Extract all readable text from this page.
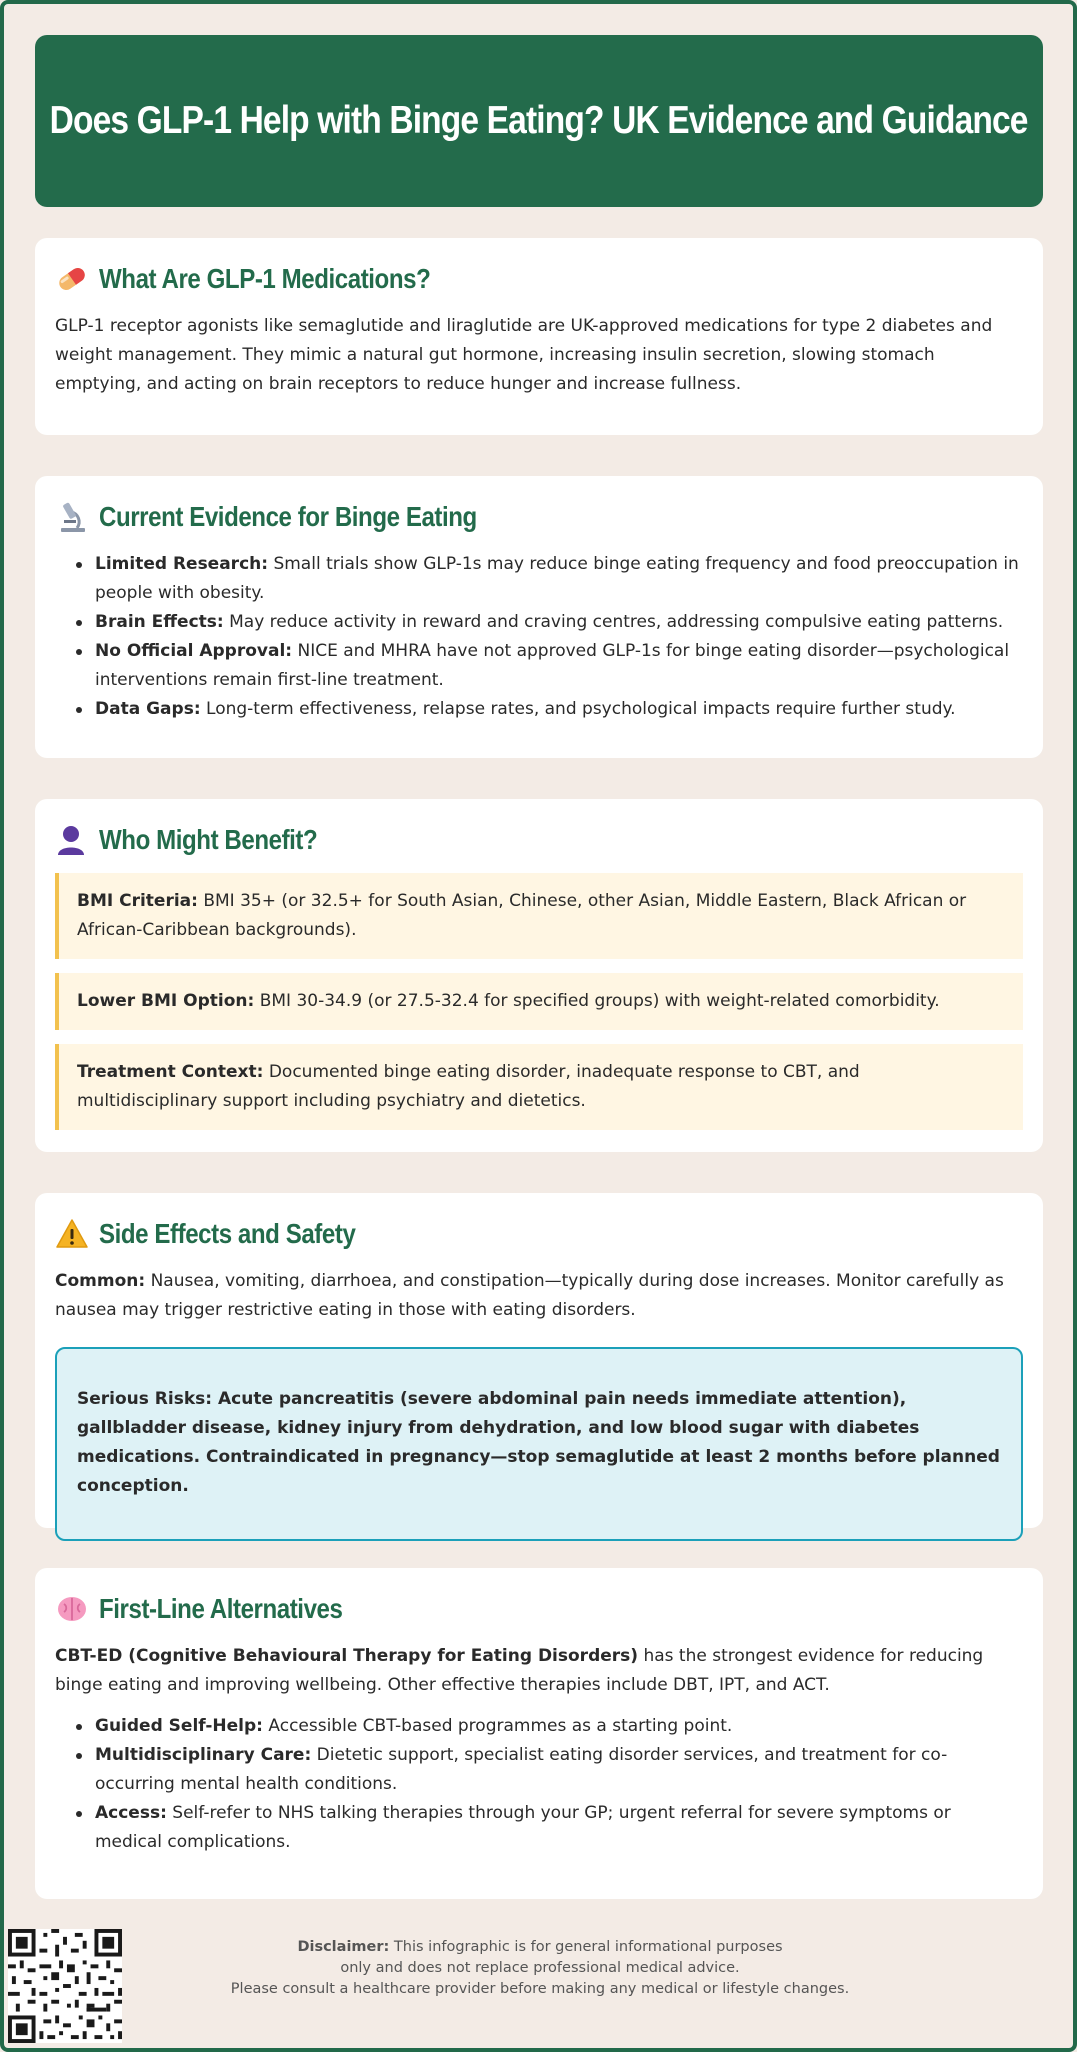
Does GLP-1 Help with Binge Eating? UK Evidence and Guidance
What Are GLP-1 Medications?

GLP-1 receptor agonists like semaglutide and liraglutide are UK-approved medications for type 2 diabetes and weight management. They mimic a natural gut hormone, increasing insulin secretion, slowing stomach emptying, and acting on brain receptors to reduce hunger and increase fullness.

Current Evidence for Binge Eating
Limited Research: Small trials show GLP-1s may reduce binge eating frequency and food preoccupation in people with obesity.
Brain Effects: May reduce activity in reward and craving centres, addressing compulsive eating patterns.
No Official Approval: NICE and MHRA have not approved GLP-1s for binge eating disorder—psychological interventions remain first-line treatment.
Data Gaps: Long-term effectiveness, relapse rates, and psychological impacts require further study.
Who Might Benefit?
BMI Criteria: BMI 35+ (or 32.5+ for South Asian, Chinese, other Asian, Middle Eastern, Black African or African-Caribbean backgrounds).
Lower BMI Option: BMI 30-34.9 (or 27.5-32.4 for specified groups) with weight-related comorbidity.
Treatment Context: Documented binge eating disorder, inadequate response to CBT, and multidisciplinary support including psychiatry and dietetics.
Side Effects and Safety

Common: Nausea, vomiting, diarrhoea, and constipation—typically during dose increases. Monitor carefully as nausea may trigger restrictive eating in those with eating disorders.

Serious Risks: Acute pancreatitis (severe abdominal pain needs immediate attention), gallbladder disease, kidney injury from dehydration, and low blood sugar with diabetes medications. Contraindicated in pregnancy—stop semaglutide at least 2 months before planned conception.
First-Line Alternatives

CBT-ED (Cognitive Behavioural Therapy for Eating Disorders) has the strongest evidence for reducing binge eating and improving wellbeing. Other effective therapies include DBT, IPT, and ACT.

Guided Self-Help: Accessible CBT-based programmes as a starting point.
Multidisciplinary Care: Dietetic support, specialist eating disorder services, and treatment for co-occurring mental health conditions.
Access: Self-refer to NHS talking therapies through your GP; urgent referral for severe symptoms or medical complications.
Disclaimer: This infographic is for general informational purposes
only and does not replace professional medical advice.
Please consult a healthcare provider before making any medical or lifestyle changes.
